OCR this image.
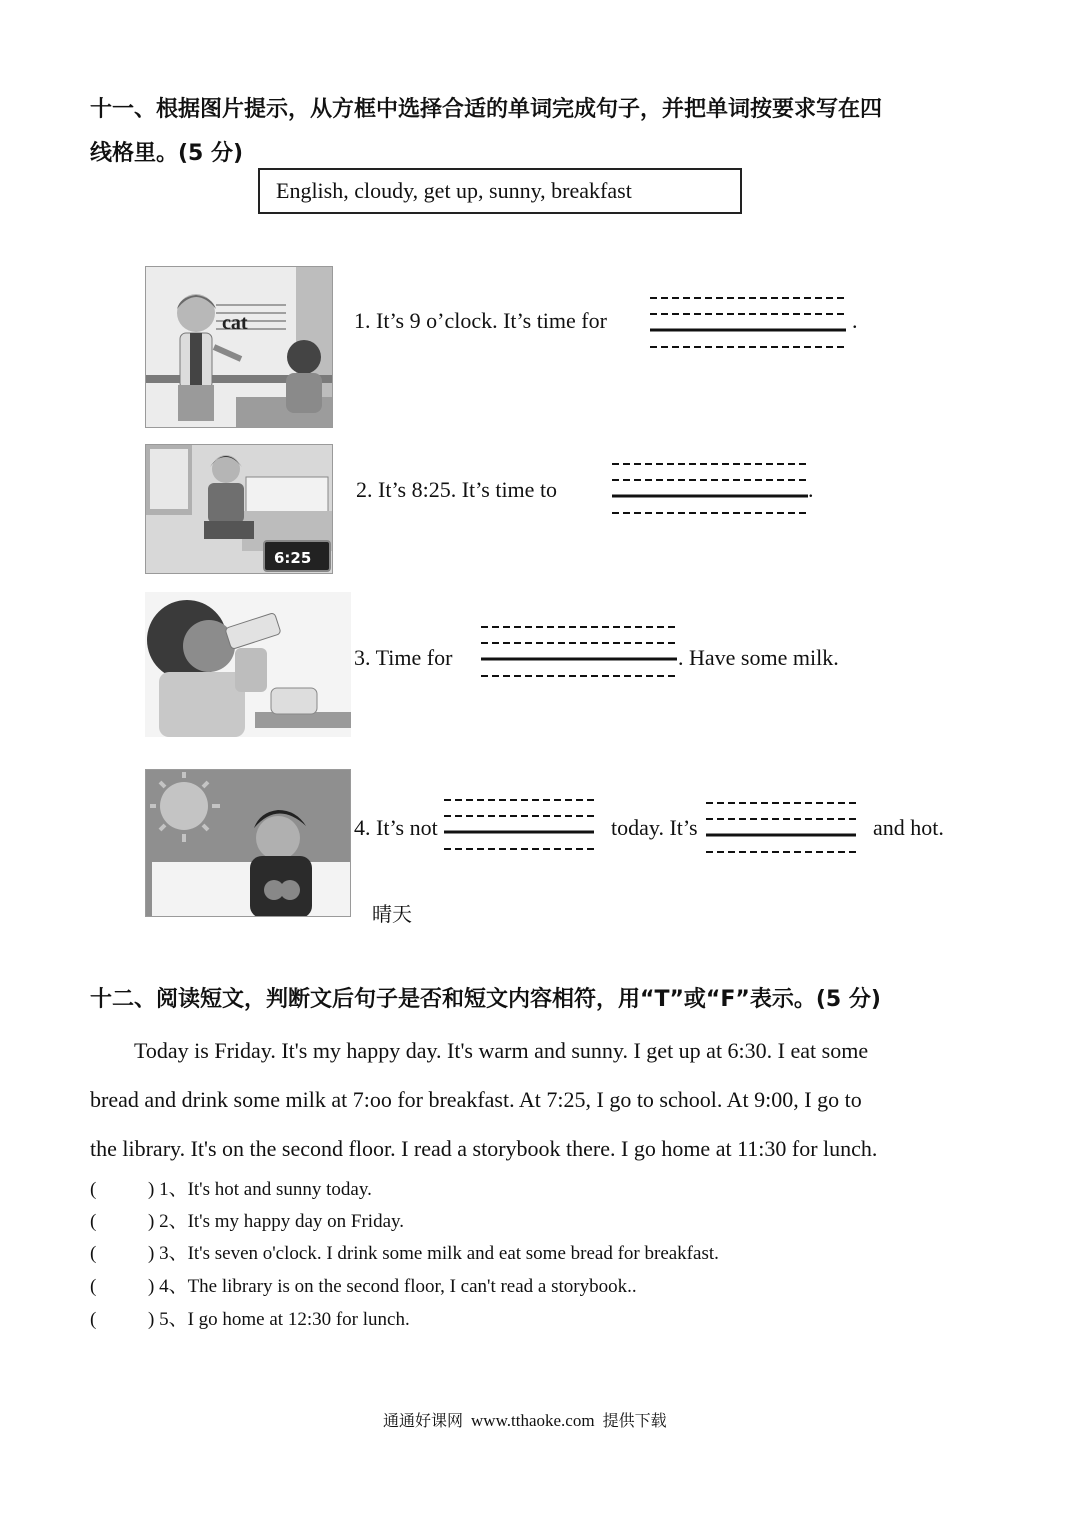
十一、根据图片提示，从方框中选择合适的单词完成句子，并把单词按要求写在四
线格里。(5 分)
English, cloudy, get up, sunny, breakfast
cat	1. It’s 9 o’clock. It’s time for	.
6:25
2. It’s 8:25. It’s time to	.
3. Time for	. Have some milk.
4. It’s not	today. It’s	and hot.
晴天
十二、阅读短文，判断文后句子是否和短文内容相符，用“T”或“F”表示。(5 分)
Today is Friday. It's my happy day. It's warm and sunny. I get up at 6:30. I eat some
bread and drink some milk at 7:oo for breakfast. At 7:25, I go to school. At 9:00, I go to
the library. It's on the second floor. I read a storybook there. I go home at 11:30 for lunch.
(	) 1、It's hot and sunny today.
(	) 2、It's my happy day on Friday.
(	) 3、It's seven o'clock. I drink some milk and eat some bread for breakfast.
(	) 4、The library is on the second floor, I can't read a storybook..
(	) 5、I go home at 12:30 for lunch.
通通好课网 www.tthaoke.com 提供下载
